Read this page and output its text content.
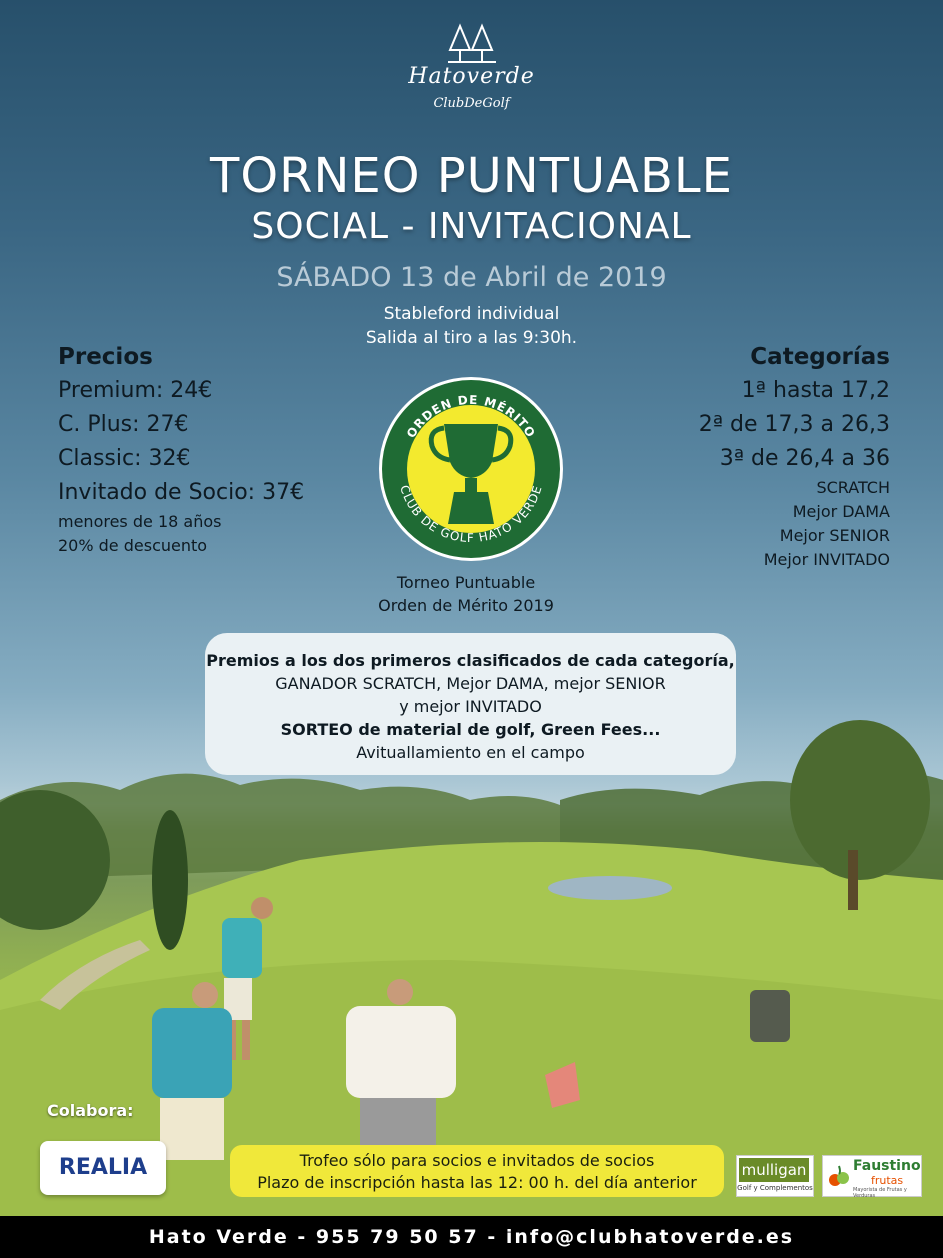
Hatoverde
ClubDeGolf
TORNEO PUNTUABLE
SOCIAL - INVITACIONAL
SÁBADO 13 de Abril de 2019
Stableford individual
Salida al tiro a las 9:30h.
Precios
Premium: 24€
C. Plus: 27€
Classic: 32€
Invitado de Socio: 37€
menores de 18 años
20% de descuento
Categorías
1ª hasta 17,2
2ª de 17,3 a 26,3
3ª de 26,4 a 36
SCRATCH
Mejor DAMA
Mejor SENIOR
Mejor INVITADO
ORDEN DE MÉRITO
CLUB DE GOLF HATO VERDE
Torneo Puntuable
Orden de Mérito 2019
Premios a los dos primeros clasificados de cada categoría,
GANADOR SCRATCH, Mejor DAMA, mejor SENIOR
y mejor INVITADO
SORTEO de material de golf, Green Fees...
Avituallamiento en el campo
Colabora:
REALIA	Trofeo sólo para socios e invitados de socios
Plazo de inscripción hasta las 12: 00 h. del día anterior
mulligan
Golf y Complementos
Faustino
frutas
Mayorista de Frutas y Verduras
Hato Verde - 955 79 50 57 - info@clubhatoverde.es
